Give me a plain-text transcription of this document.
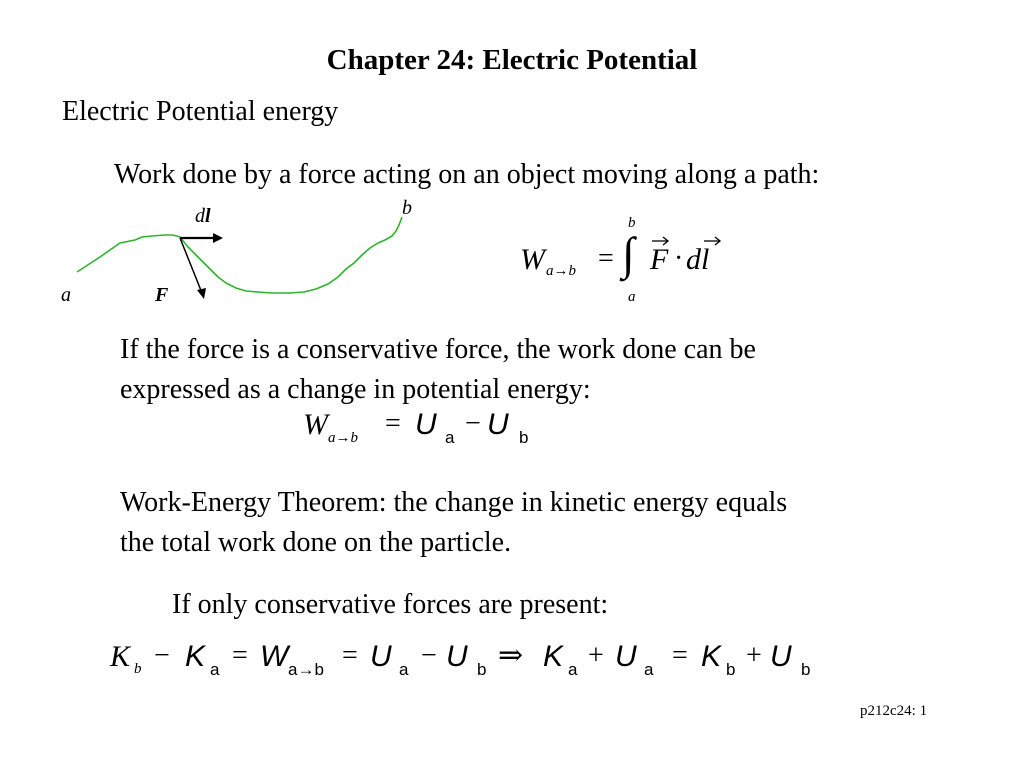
Chapter 24: Electric Potential
Electric Potential energy
Work done by a force acting on an object moving along a path:
dl	b
a	F
W a→b =
b
∫
a
F · dl
If the force is a conservative force, the work done can be
expressed as a change in potential energy:
W a→b = U a − U b
Work-Energy Theorem: the change in kinetic energy equals
the total work done on the particle.
If only conservative forces are present:
K b − K a = W a→b = U a − U b ⇒ K a + U a = K b + U b
p212c24: 1
